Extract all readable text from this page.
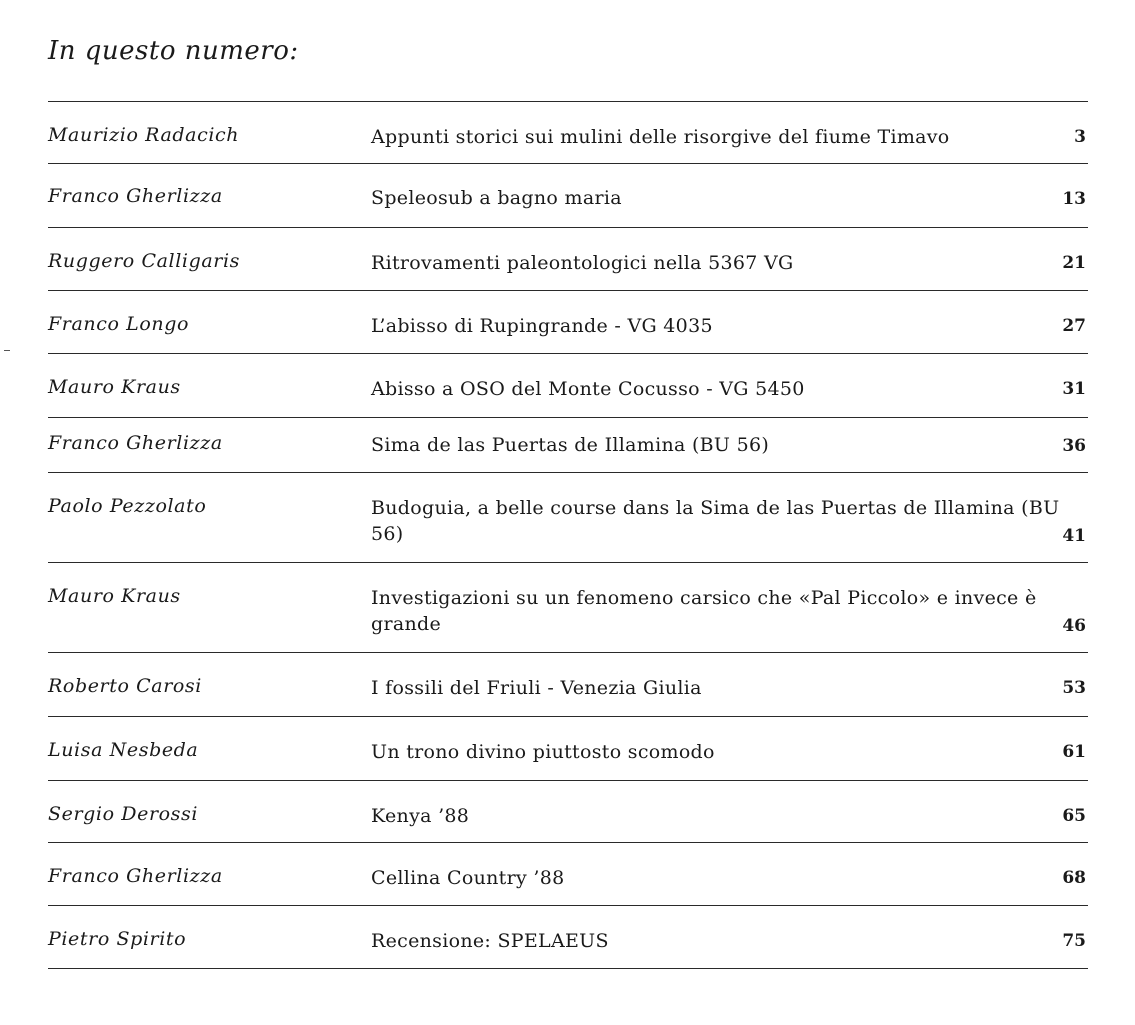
In questo numero:
Maurizio Radacich	Appunti storici sui mulini delle risorgive del fiume Timavo	3
Franco Gherlizza	Speleosub a bagno maria	13
Ruggero Calligaris	Ritrovamenti paleontologici nella 5367 VG	21
Franco Longo	L’abisso di Rupingrande - VG 4035	27
Mauro Kraus	Abisso a OSO del Monte Cocusso - VG 5450	31
Franco Gherlizza	Sima de las Puertas de Illamina (BU 56)	36
Paolo Pezzolato	Budoguia, a belle course dans la Sima de las Puertas de Illamina (BU 56)	41
Mauro Kraus	Investigazioni su un fenomeno carsico che «Pal Piccolo» e invece è grande	46
Roberto Carosi	I fossili del Friuli - Venezia Giulia	53
Luisa Nesbeda	Un trono divino piuttosto scomodo	61
Sergio Derossi	Kenya ’88	65
Franco Gherlizza	Cellina Country ’88	68
Pietro Spirito	Recensione: SPELAEUS	75
